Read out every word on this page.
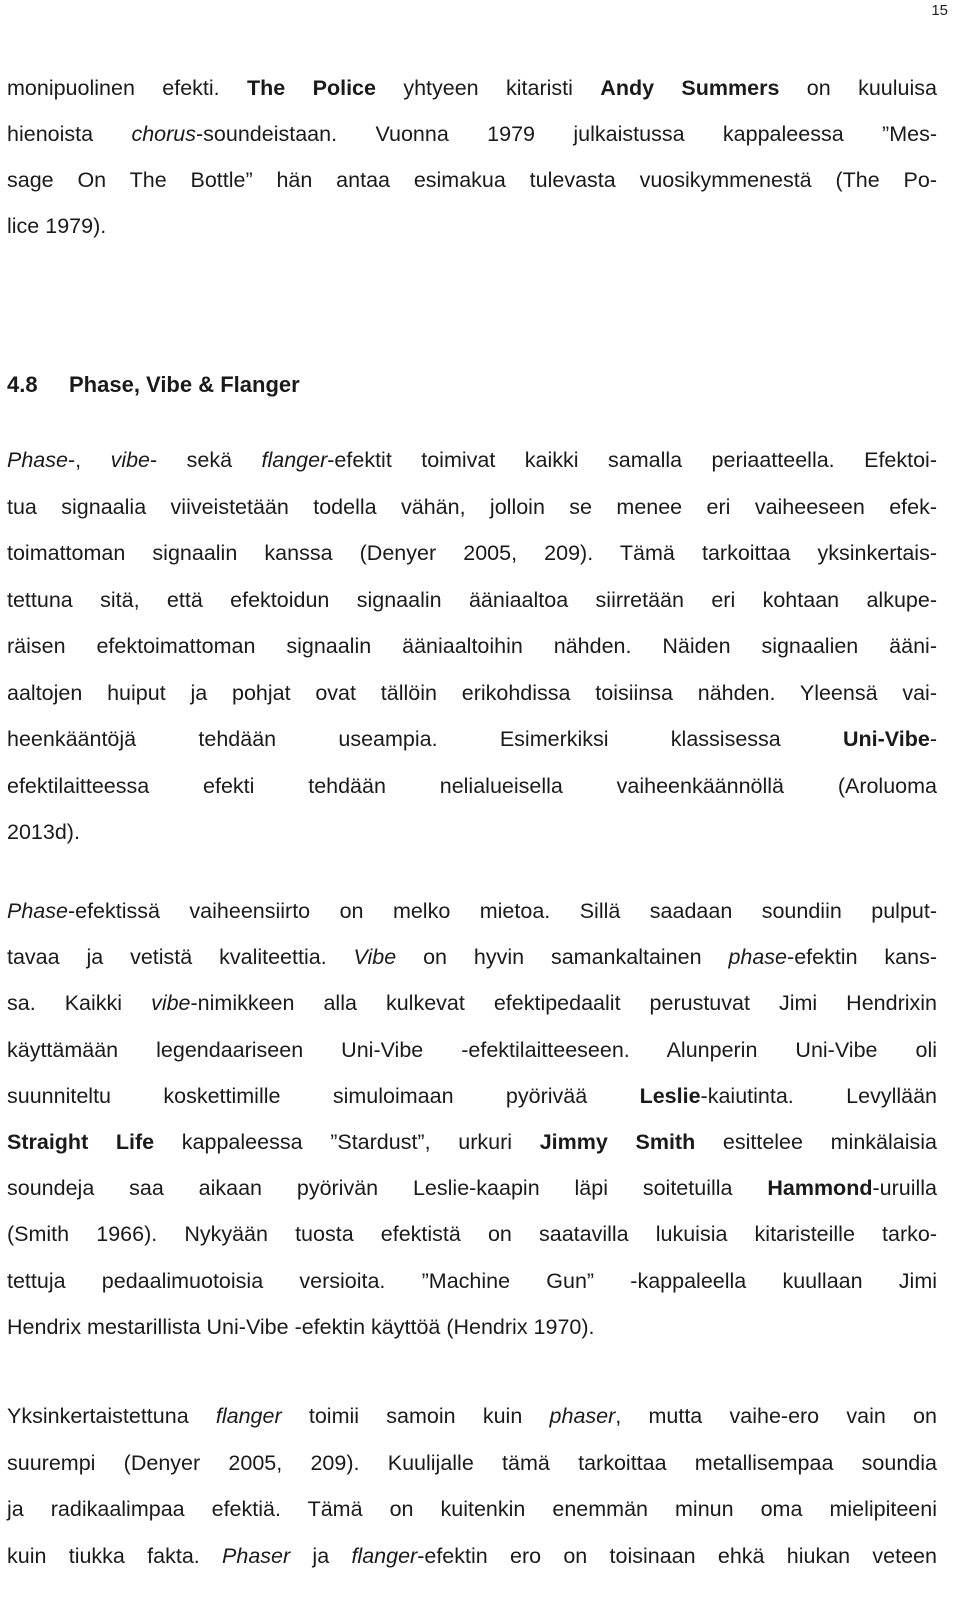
15
4.8 Phase, Vibe & Flanger
monipuolinen efekti. The Police yhtyeen kitaristi Andy Summers on kuuluisa
hienoista chorus-soundeistaan. Vuonna 1979 julkaistussa kappaleessa ”Mes-
sage On The Bottle” hän antaa esimakua tulevasta vuosikymmenestä (The Po-
lice 1979).
Phase-, vibe- sekä flanger-efektit toimivat kaikki samalla periaatteella. Efektoi-
tua signaalia viiveistetään todella vähän, jolloin se menee eri vaiheeseen efek-
toimattoman signaalin kanssa (Denyer 2005, 209). Tämä tarkoittaa yksinkertais-
tettuna sitä, että efektoidun signaalin ääniaaltoa siirretään eri kohtaan alkupe-
räisen efektoimattoman signaalin ääniaaltoihin nähden. Näiden signaalien ääni-
aaltojen huiput ja pohjat ovat tällöin erikohdissa toisiinsa nähden. Yleensä vai-
heenkääntöjä tehdään useampia. Esimerkiksi klassisessa Uni-Vibe-
efektilaitteessa efekti tehdään nelialueisella vaiheenkäännöllä (Aroluoma
2013d).
Phase-efektissä vaiheensiirto on melko mietoa. Sillä saadaan soundiin pulput-
tavaa ja vetistä kvaliteettia. Vibe on hyvin samankaltainen phase-efektin kans-
sa. Kaikki vibe-nimikkeen alla kulkevat efektipedaalit perustuvat Jimi Hendrixin
käyttämään legendaariseen Uni-Vibe -efektilaitteeseen. Alunperin Uni-Vibe oli
suunniteltu koskettimille simuloimaan pyörivää Leslie-kaiutinta. Levyllään
Straight Life kappaleessa ”Stardust”, urkuri Jimmy Smith esittelee minkälaisia
soundeja saa aikaan pyörivän Leslie-kaapin läpi soitetuilla Hammond-uruilla
(Smith 1966). Nykyään tuosta efektistä on saatavilla lukuisia kitaristeille tarko-
tettuja pedaalimuotoisia versioita. ”Machine Gun” -kappaleella kuullaan Jimi
Hendrix mestarillista Uni-Vibe -efektin käyttöä (Hendrix 1970).
Yksinkertaistettuna flanger toimii samoin kuin phaser, mutta vaihe-ero vain on
suurempi (Denyer 2005, 209). Kuulijalle tämä tarkoittaa metallisempaa soundia
ja radikaalimpaa efektiä. Tämä on kuitenkin enemmän minun oma mielipiteeni
kuin tiukka fakta. Phaser ja flanger-efektin ero on toisinaan ehkä hiukan veteen
